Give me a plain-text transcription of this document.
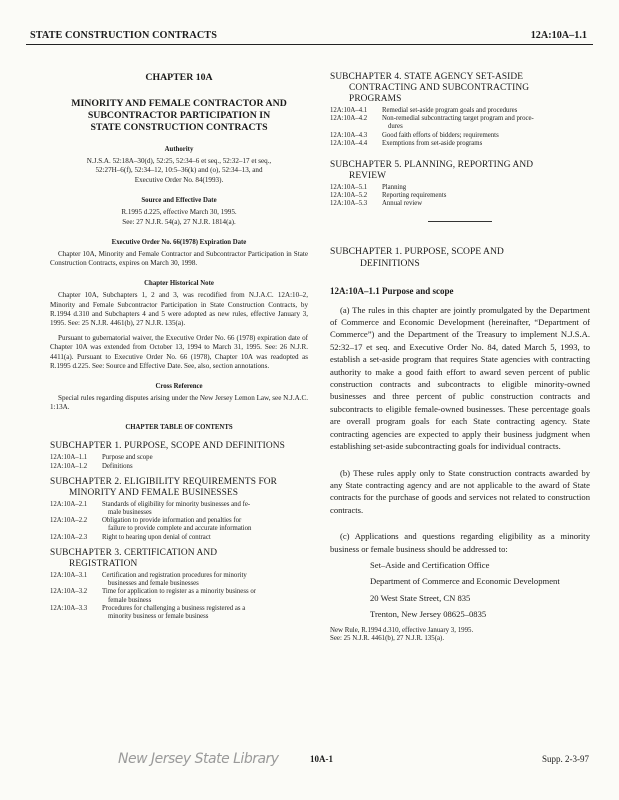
STATE CONSTRUCTION CONTRACTS	12A:10A–1.1
CHAPTER 10A
MINORITY AND FEMALE CONTRACTOR AND
SUBCONTRACTOR PARTICIPATION IN
STATE CONSTRUCTION CONTRACTS
Authority
N.J.S.A. 52:18A–30(d), 52:25, 52:34–6 et seq., 52:32–17 et seq.,
52:27H–6(f), 52:34–12, 10:5–36(k) and (o), 52:34–13, and
Executive Order No. 84(1993).
Source and Effective Date
R.1995 d.225, effective March 30, 1995.
See: 27 N.J.R. 54(a), 27 N.J.R. 1814(a).
Executive Order No. 66(1978) Expiration Date

Chapter 10A, Minority and Female Contractor and Subcontractor Participation in State Construction Contracts, expires on March 30, 1998.

Chapter Historical Note

Chapter 10A, Subchapters 1, 2 and 3, was recodified from N.J.A.C. 12A:10–2, Minority and Female Subcontractor Participation in State Construction Contracts, by R.1994 d.310 and Subchapters 4 and 5 were adopted as new rules, effective January 3, 1995. See: 25 N.J.R. 4461(b), 27 N.J.R. 135(a).

Pursuant to gubernatorial waiver, the Executive Order No. 66 (1978) expiration date of Chapter 10A was extended from October 13, 1994 to March 31, 1995. See: 26 N.J.R. 4411(a). Pursuant to Executive Order No. 66 (1978), Chapter 10A was readopted as R.1995 d.225. See: Source and Effective Date. See, also, section annotations.

Cross Reference

Special rules regarding disputes arising under the New Jersey Lemon Law, see N.J.A.C. 1:13A.

CHAPTER TABLE OF CONTENTS
SUBCHAPTER 1. PURPOSE, SCOPE AND DEFINITIONS
12A:10A–1.1	Purpose and scope
12A:10A–1.2	Definitions
SUBCHAPTER 2. ELIGIBILITY REQUIREMENTS FOR
MINORITY AND FEMALE BUSINESSES
12A:10A–2.1	Standards of eligibility for minority businesses and fe-
male businesses
12A:10A–2.2	Obligation to provide information and penalties for
failure to provide complete and accurate information
12A:10A–2.3	Right to hearing upon denial of contract
SUBCHAPTER 3. CERTIFICATION AND
REGISTRATION
12A:10A–3.1	Certification and registration procedures for minority
businesses and female businesses
12A:10A–3.2	Time for application to register as a minority business or
female business
12A:10A–3.3	Procedures for challenging a business registered as a
minority business or female business
SUBCHAPTER 4. STATE AGENCY SET-ASIDE
CONTRACTING AND SUBCONTRACTING
PROGRAMS
12A:10A–4.1	Remedial set-aside program goals and procedures
12A:10A–4.2	Non-remedial subcontracting target program and proce-
dures
12A:10A–4.3	Good faith efforts of bidders; requirements
12A:10A–4.4	Exemptions from set-aside programs
SUBCHAPTER 5. PLANNING, REPORTING AND
REVIEW
12A:10A–5.1	Planning
12A:10A–5.2	Reporting requirements
12A:10A–5.3	Annual review
SUBCHAPTER 1. PURPOSE, SCOPE AND
DEFINITIONS
12A:10A–1.1 Purpose and scope

(a) The rules in this chapter are jointly promulgated by the Department of Commerce and Economic Development (hereinafter, “Department of Commerce”) and the Department of the Treasury to implement N.J.S.A. 52:32–17 et seq. and Executive Order No. 84, dated March 5, 1993, to establish a set-aside program that requires State agencies with contracting authority to make a good faith effort to award seven percent of public construction contracts and subcontracts to eligible minority-owned businesses and three percent of public construction contracts and subcontracts to eligible female-owned businesses. These percentage goals are overall program goals for each State contracting agency. State contracting agencies are expected to apply their business judgment when establishing set-aside subcontracting goals for individual contracts.

(b) These rules apply only to State construction contracts awarded by any State contracting agency and are not applicable to the award of State contracts for the purchase of goods and services not related to construction contracts.

(c) Applications and questions regarding eligibility as a minority business or female business should be addressed to:

Set–Aside and Certification Office
Department of Commerce and Economic Development
20 West State Street, CN 835
Trenton, New Jersey 08625–0835
New Rule, R.1994 d.310, effective January 3, 1995.
See: 25 N.J.R. 4461(b), 27 N.J.R. 135(a).
New Jersey State Library	10A-1	Supp. 2-3-97
